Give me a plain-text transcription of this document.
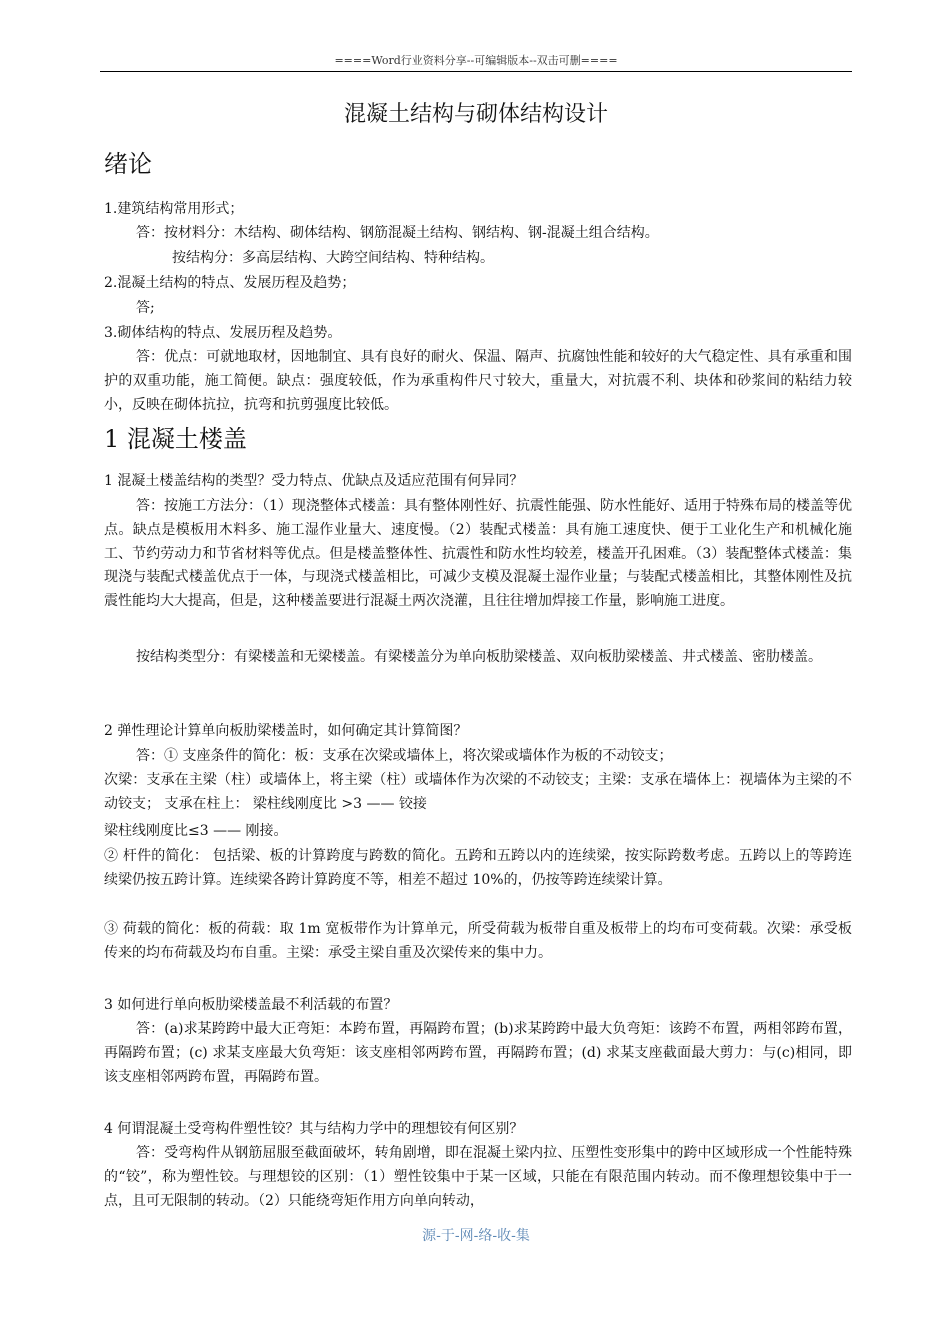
====Word行业资料分享--可编辑版本--双击可删====
混凝土结构与砌体结构设计
绪论
1.建筑结构常用形式；
答：按材料分：木结构、砌体结构、钢筋混凝土结构、钢结构、钢-混凝土组合结构。
按结构分：多高层结构、大跨空间结构、特种结构。
2.混凝土结构的特点、发展历程及趋势；
答;
3.砌体结构的特点、发展历程及趋势。
答：优点：可就地取材，因地制宜、具有良好的耐火、保温、隔声、抗腐蚀性能和较好的大气稳定性、具有承重和围护的双重功能，施工简便。缺点：强度较低，作为承重构件尺寸较大，重量大，对抗震不利、块体和砂浆间的粘结力较小，反映在砌体抗拉，抗弯和抗剪强度比较低。
1 混凝土楼盖
1 混凝土楼盖结构的类型？受力特点、优缺点及适应范围有何异同？
答：按施工方法分：（1）现浇整体式楼盖：具有整体刚性好、抗震性能强、防水性能好、适用于特殊布局的楼盖等优点。缺点是模板用木料多、施工湿作业量大、速度慢。（2）装配式楼盖：具有施工速度快、便于工业化生产和机械化施工、节约劳动力和节省材料等优点。但是楼盖整体性、抗震性和防水性均较差，楼盖开孔困难。（3）装配整体式楼盖：集现浇与装配式楼盖优点于一体，与现浇式楼盖相比，可减少支模及混凝土湿作业量；与装配式楼盖相比，其整体刚性及抗震性能均大大提高，但是，这种楼盖要进行混凝土两次浇灌，且往往增加焊接工作量，影响施工进度。
按结构类型分：有梁楼盖和无梁楼盖。有梁楼盖分为单向板肋梁楼盖、双向板肋梁楼盖、井式楼盖、密肋楼盖。
2 弹性理论计算单向板肋梁楼盖时，如何确定其计算简图？
答：① 支座条件的简化：板：支承在次梁或墙体上，将次梁或墙体作为板的不动铰支；
次梁：支承在主梁（柱）或墙体上，将主梁（柱）或墙体作为次梁的不动铰支；主梁：支承在墙体上：视墙体为主梁的不动铰支； 支承在柱上： 梁柱线刚度比 >3 —— 铰接
梁柱线刚度比≤3 —— 刚接。
② 杆件的简化： 包括梁、板的计算跨度与跨数的简化。五跨和五跨以内的连续梁，按实际跨数考虑。五跨以上的等跨连续梁仍按五跨计算。连续梁各跨计算跨度不等，相差不超过 10%的，仍按等跨连续梁计算。
③ 荷载的简化：板的荷载：取 1m 宽板带作为计算单元，所受荷载为板带自重及板带上的均布可变荷载。次梁：承受板传来的均布荷载及均布自重。主梁：承受主梁自重及次梁传来的集中力。
3 如何进行单向板肋梁楼盖最不利活载的布置？
答：(a)求某跨跨中最大正弯矩：本跨布置，再隔跨布置；(b)求某跨跨中最大负弯矩：该跨不布置，两相邻跨布置，再隔跨布置；(c) 求某支座最大负弯矩：该支座相邻两跨布置，再隔跨布置；(d) 求某支座截面最大剪力：与(c)相同，即该支座相邻两跨布置，再隔跨布置。
4 何谓混凝土受弯构件塑性铰？其与结构力学中的理想铰有何区别？
答：受弯构件从钢筋屈服至截面破坏，转角剧增，即在混凝土梁内拉、压塑性变形集中的跨中区域形成一个性能特殊的“铰”，称为塑性铰。与理想铰的区别：（1）塑性铰集中于某一区域，只能在有限范围内转动。而不像理想铰集中于一点，且可无限制的转动。（2）只能绕弯矩作用方向单向转动，
源-于-网-络-收-集
